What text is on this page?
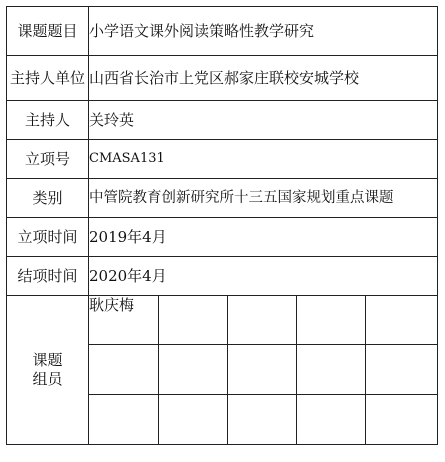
课题题目	小学语文课外阅读策略性教学研究				
主持人单位	山西省长治市上党区郝家庄联校安城学校				
主持人	关玲英				
立项号	CMASA131				
类别	中管院教育创新研究所十三五国家规划重点课题				
立项时间	2019年4月				
结项时间	2020年4月				

课题
组员	耿庆梅				
